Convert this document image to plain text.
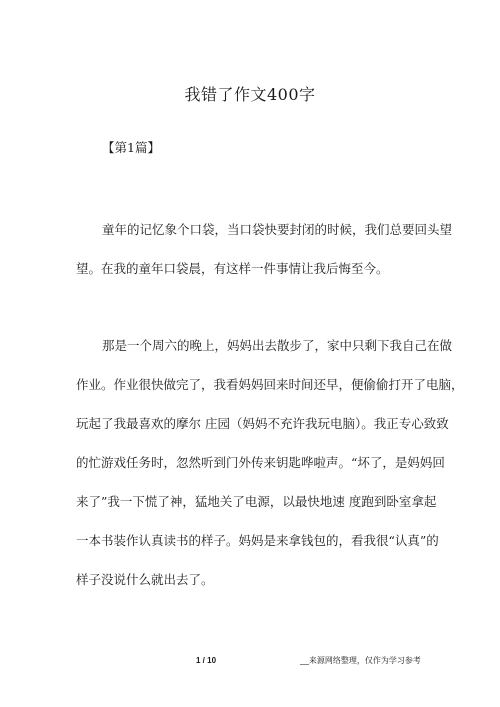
我错了作文400字
【第1篇】
童年的记忆象个口袋，当口袋快要封闭的时候，我们总要回头望
望。在我的童年口袋晨，有这样一件事情让我后悔至今。
那是一个周六的晚上，妈妈出去散步了，家中只剩下我自己在做
作业。作业很快做完了，我看妈妈回来时间还早，便偷偷打开了电脑，
玩起了我最喜欢的摩尔 庄园（妈妈不充许我玩电脑）。我正专心致致
的忙游戏任务时，忽然听到门外传来钥匙哗啦声。“坏了，是妈妈回
来了”我一下慌了神，猛地关了电源，以最快地速 度跑到卧室拿起
一本书装作认真读书的样子。妈妈是来拿钱包的，看我很“认真”的
样子没说什么就出去了。
1 / 10	__来源网络整理，仅作为学习参考
